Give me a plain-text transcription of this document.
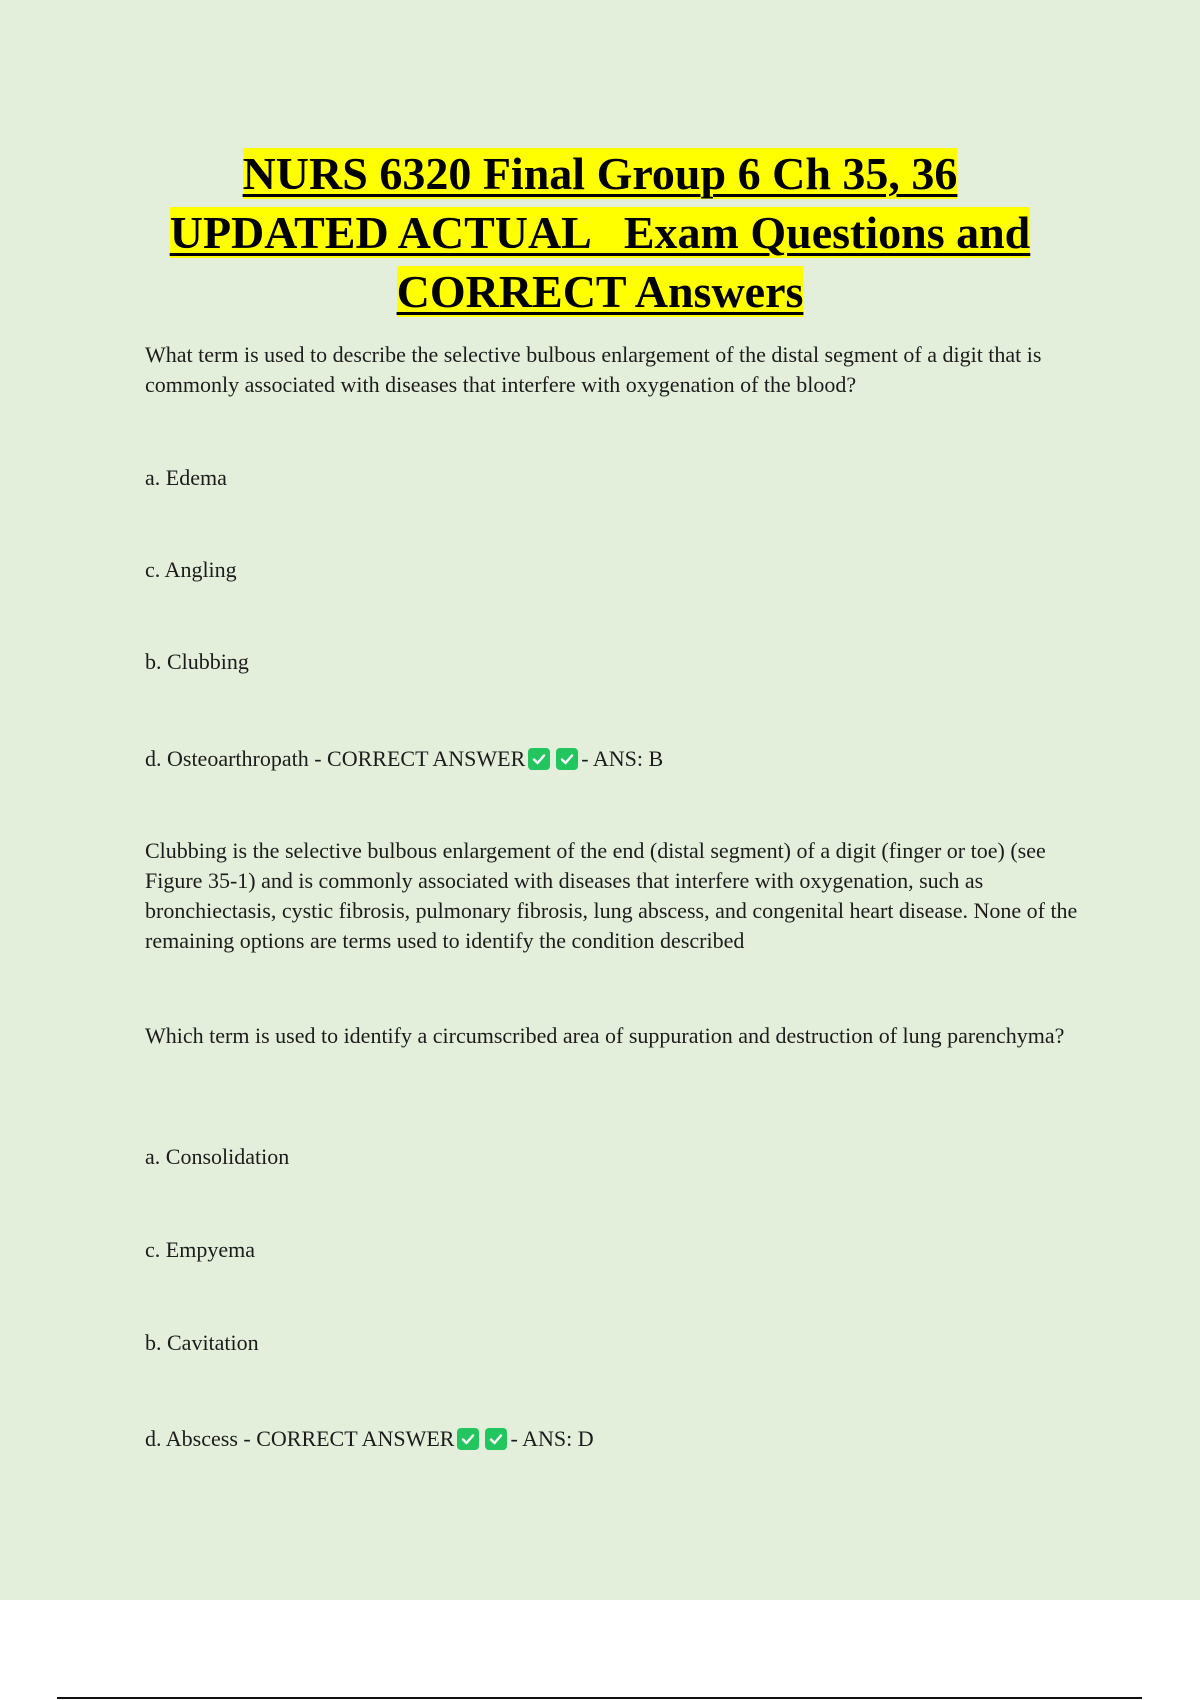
NURS 6320 Final Group 6 Ch 35, 36
UPDATED ACTUAL   Exam Questions and
CORRECT Answers

What term is used to describe the selective bulbous enlargement of the distal segment of a digit that is commonly associated with diseases that interfere with oxygenation of the blood?

a. Edema

c. Angling

b. Clubbing

d. Osteoarthropath - CORRECT ANSWER	- ANS: B

Clubbing is the selective bulbous enlargement of the end (distal segment) of a digit (finger or toe) (see Figure 35-1) and is commonly associated with diseases that interfere with oxygenation, such as bronchiectasis, cystic fibrosis, pulmonary fibrosis, lung abscess, and congenital heart disease. None of the remaining options are terms used to identify the condition described

Which term is used to identify a circumscribed area of suppuration and destruction of lung parenchyma?

a. Consolidation

c. Empyema

b. Cavitation

d. Abscess - CORRECT ANSWER	- ANS: D
